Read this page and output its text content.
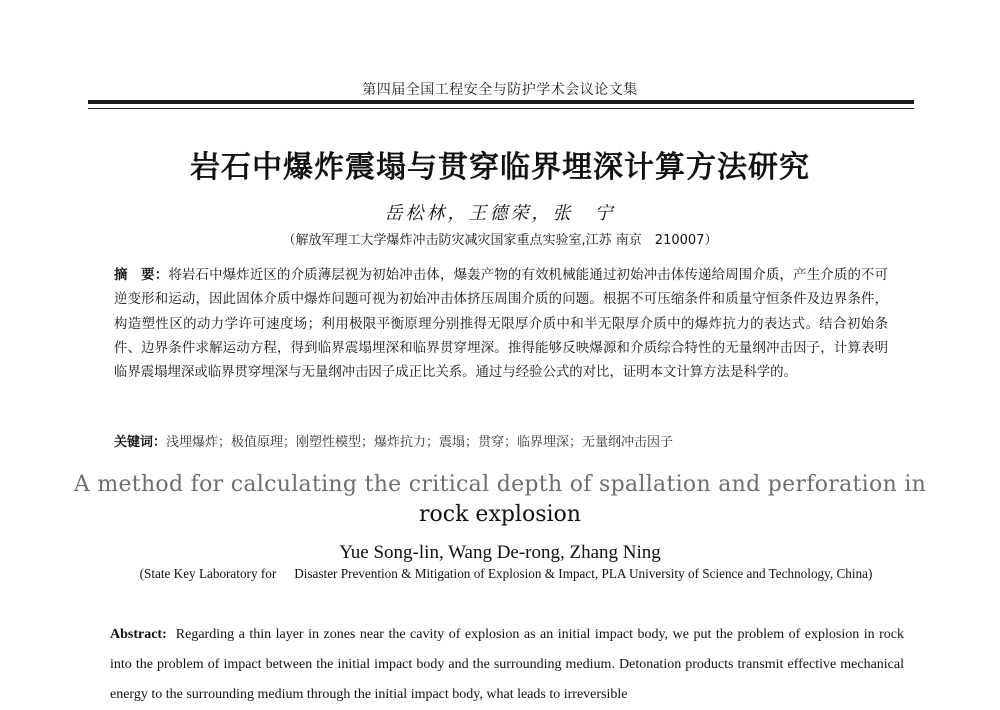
第四届全国工程安全与防护学术会议论文集
岩石中爆炸震塌与贯穿临界埋深计算方法研究
岳松林，王德荣，张　宁
（解放军理工大学爆炸冲击防灾减灾国家重点实验室,江苏 南京　210007）
摘　要：将岩石中爆炸近区的介质薄层视为初始冲击体，爆轰产物的有效机械能通过初始冲击体传递给周围介质，产生介质的不可逆变形和运动，因此固体介质中爆炸问题可视为初始冲击体挤压周围介质的问题。根据不可压缩条件和质量守恒条件及边界条件，构造塑性区的动力学许可速度场；利用极限平衡原理分别推得无限厚介质中和半无限厚介质中的爆炸抗力的表达式。结合初始条件、边界条件求解运动方程，得到临界震塌埋深和临界贯穿埋深。推得能够反映爆源和介质综合特性的无量纲冲击因子，计算表明临界震塌埋深或临界贯穿埋深与无量纲冲击因子成正比关系。通过与经验公式的对比，证明本文计算方法是科学的。
关键词：浅埋爆炸；极值原理；刚塑性模型；爆炸抗力；震塌；贯穿；临界埋深；无量纲冲击因子
A method for calculating the critical depth of spallation and perforation in
rock explosion
Yue Song-lin, Wang De-rong, Zhang Ning
(State Key Laboratory for Disaster Prevention & Mitigation of Explosion & Impact, PLA University of Science and Technology, China)
Abstract: Regarding a thin layer in zones near the cavity of explosion as an initial impact body, we put the problem of explosion in rock into the problem of impact between the initial impact body and the surrounding medium. Detonation products transmit effective mechanical energy to the surrounding medium through the initial impact body, what leads to irreversible
